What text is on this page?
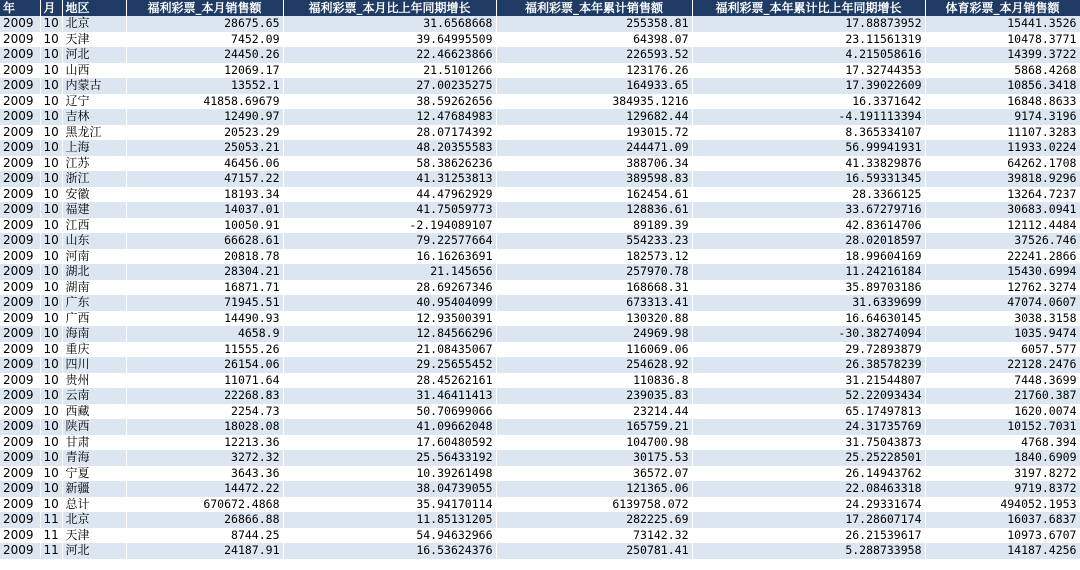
年	月	地区	福利彩票_本月销售额	福利彩票_本月比上年同期增长	福利彩票_本年累计销售额	福利彩票_本年累计比上年同期增长	体育彩票_本月销售额
2009	10	北京	28675.65	31.6568668	255358.81	17.88873952	15441.3526
2009	10	天津	7452.09	39.64995509	64398.07	23.11561319	10478.3771
2009	10	河北	24450.26	22.46623866	226593.52	4.215058616	14399.3722
2009	10	山西	12069.17	21.5101266	123176.26	17.32744353	5868.4268
2009	10	内蒙古	13552.1	27.00235275	164933.65	17.39022609	10856.3418
2009	10	辽宁	41858.69679	38.59262656	384935.1216	16.3371642	16848.8633
2009	10	吉林	12490.97	12.47684983	129682.44	-4.191113394	9174.3196
2009	10	黑龙江	20523.29	28.07174392	193015.72	8.365334107	11107.3283
2009	10	上海	25053.21	48.20355583	244471.09	56.99941931	11933.0224
2009	10	江苏	46456.06	58.38626236	388706.34	41.33829876	64262.1708
2009	10	浙江	47157.22	41.31253813	389598.83	16.59331345	39818.9296
2009	10	安徽	18193.34	44.47962929	162454.61	28.3366125	13264.7237
2009	10	福建	14037.01	41.75059773	128836.61	33.67279716	30683.0941
2009	10	江西	10050.91	-2.194089107	89189.39	42.83614706	12112.4484
2009	10	山东	66628.61	79.22577664	554233.23	28.02018597	37526.746
2009	10	河南	20818.78	16.16263691	182573.12	18.99604169	22241.2866
2009	10	湖北	28304.21	21.145656	257970.78	11.24216184	15430.6994
2009	10	湖南	16871.71	28.69267346	168668.31	35.89703186	12762.3274
2009	10	广东	71945.51	40.95404099	673313.41	31.6339699	47074.0607
2009	10	广西	14490.93	12.93500391	130320.88	16.64630145	3038.3158
2009	10	海南	4658.9	12.84566296	24969.98	-30.38274094	1035.9474
2009	10	重庆	11555.26	21.08435067	116069.06	29.72893879	6057.577
2009	10	四川	26154.06	29.25655452	254628.92	26.38578239	22128.2476
2009	10	贵州	11071.64	28.45262161	110836.8	31.21544807	7448.3699
2009	10	云南	22268.83	31.46411413	239035.83	52.22093434	21760.387
2009	10	西藏	2254.73	50.70699066	23214.44	65.17497813	1620.0074
2009	10	陕西	18028.08	41.09662048	165759.21	24.31735769	10152.7031
2009	10	甘肃	12213.36	17.60480592	104700.98	31.75043873	4768.394
2009	10	青海	3272.32	25.56433192	30175.53	25.25228501	1840.6909
2009	10	宁夏	3643.36	10.39261498	36572.07	26.14943762	3197.8272
2009	10	新疆	14472.22	38.04739055	121365.06	22.08463318	9719.8372
2009	10	总计	670672.4868	35.94170114	6139758.072	24.29331674	494052.1953
2009	11	北京	26866.88	11.85131205	282225.69	17.28607174	16037.6837
2009	11	天津	8744.25	54.94632966	73142.32	26.21539617	10973.6707
2009	11	河北	24187.91	16.53624376	250781.41	5.288733958	14187.4256
